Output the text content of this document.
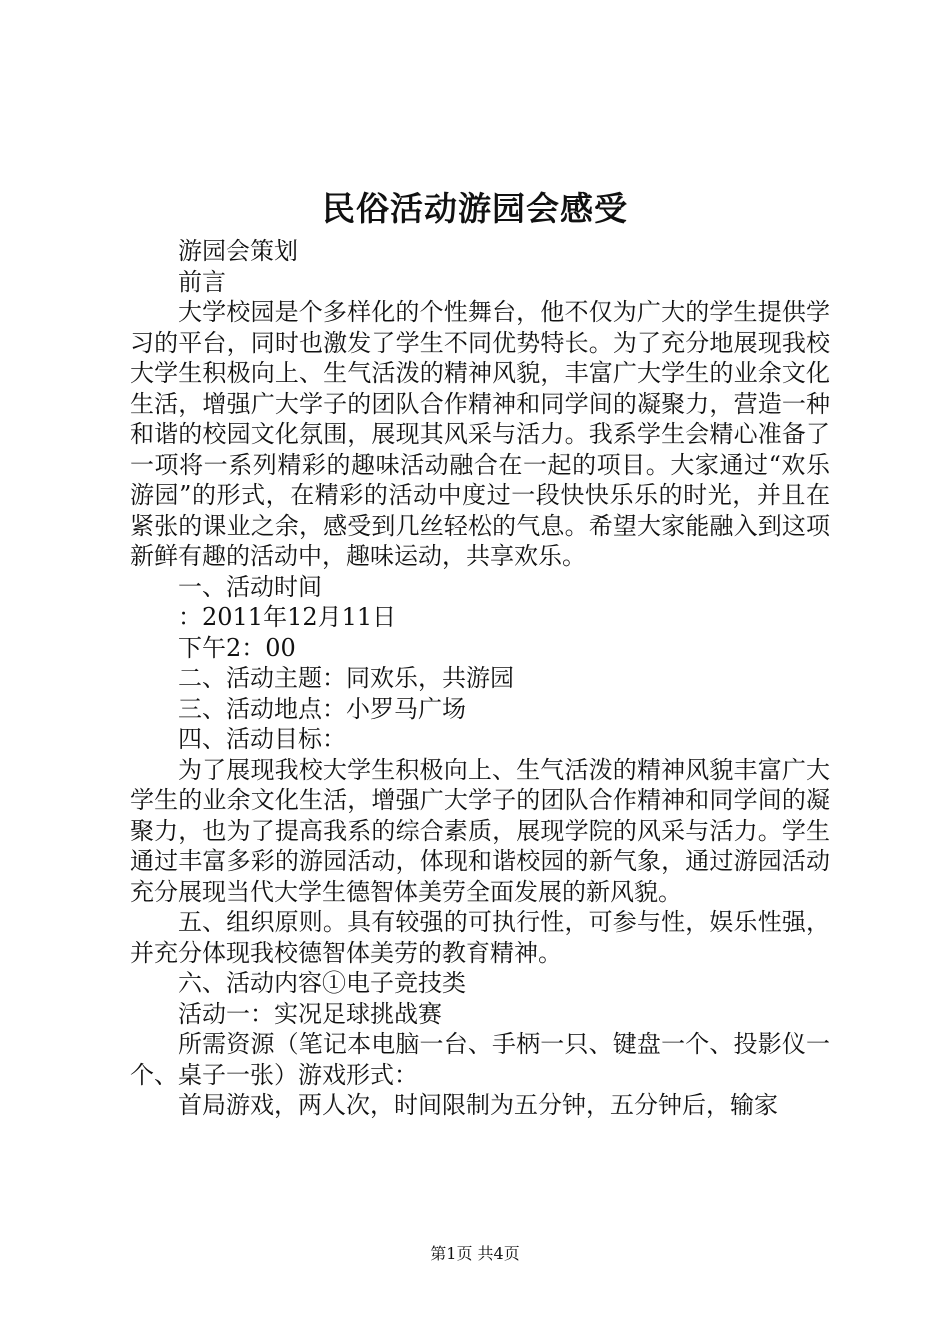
民俗活动游园会感受

游园会策划

前言

大学校园是个多样化的个性舞台，他不仅为广大的学生提供学习的平台，同时也激发了学生不同优势特长。为了充分地展现我校大学生积极向上、生气活泼的精神风貌，丰富广大学生的业余文化生活，增强广大学子的团队合作精神和同学间的凝聚力，营造一种和谐的校园文化氛围，展现其风采与活力。我系学生会精心准备了一项将一系列精彩的趣味活动融合在一起的项目。大家通过“欢乐游园”的形式，在精彩的活动中度过一段快快乐乐的时光，并且在紧张的课业之余，感受到几丝轻松的气息。希望大家能融入到这项新鲜有趣的活动中，趣味运动，共享欢乐。

一、活动时间

：2011年12月11日

下午2：00

二、活动主题：同欢乐，共游园

三、活动地点：小罗马广场

四、活动目标：

为了展现我校大学生积极向上、生气活泼的精神风貌丰富广大学生的业余文化生活，增强广大学子的团队合作精神和同学间的凝聚力，也为了提高我系的综合素质，展现学院的风采与活力。学生通过丰富多彩的游园活动，体现和谐校园的新气象，通过游园活动充分展现当代大学生德智体美劳全面发展的新风貌。

五、组织原则。具有较强的可执行性，可参与性，娱乐性强，并充分体现我校德智体美劳的教育精神。

六、活动内容①电子竞技类

活动一：实况足球挑战赛

所需资源（笔记本电脑一台、手柄一只、键盘一个、投影仪一个、桌子一张）游戏形式：

首局游戏，两人次，时间限制为五分钟，五分钟后，输家

第1页 共4页
